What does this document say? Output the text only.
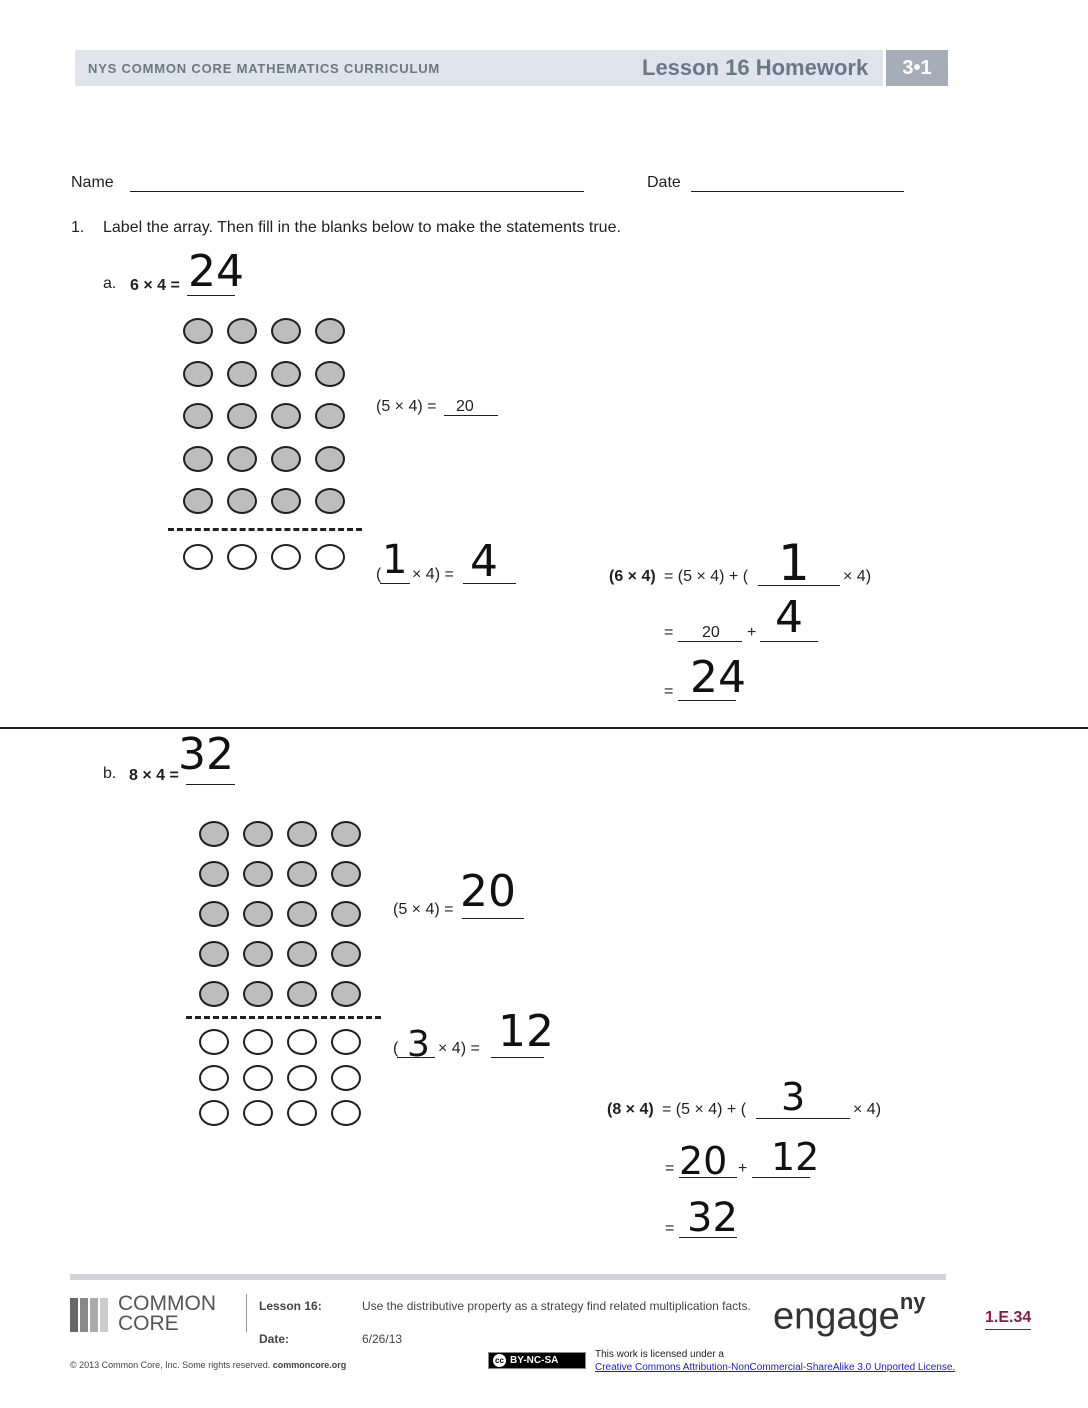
NYS COMMON CORE MATHEMATICS CURRICULUM	Lesson 16 Homework	3•1
Name	Date
1. Label the array. Then fill in the blanks below to make the statements true.
a. 6 × 4 = 24
(5 × 4) = 20
( 1 × 4) = 4	(6 × 4) = (5 × 4) + ( 1 × 4)
= 20 + 4
= 24
b. 8 × 4 = 32
(5 × 4) = 20
( 3 × 4) = 12
(8 × 4) = (5 × 4) + ( 3	× 4)
= 20 + 12
= 32
COMMON
CORE
Lesson 16:	Use the distributive property as a strategy find related multiplication facts.
Date:	6/26/13
© 2013 Common Core, Inc. Some rights reserved. commoncore.org	cc BY-NC-SA
This work is licensed under a
Creative Commons Attribution-NonCommercial-ShareAlike 3.0 Unported License.
engage$^{ny}$
1.E.34
